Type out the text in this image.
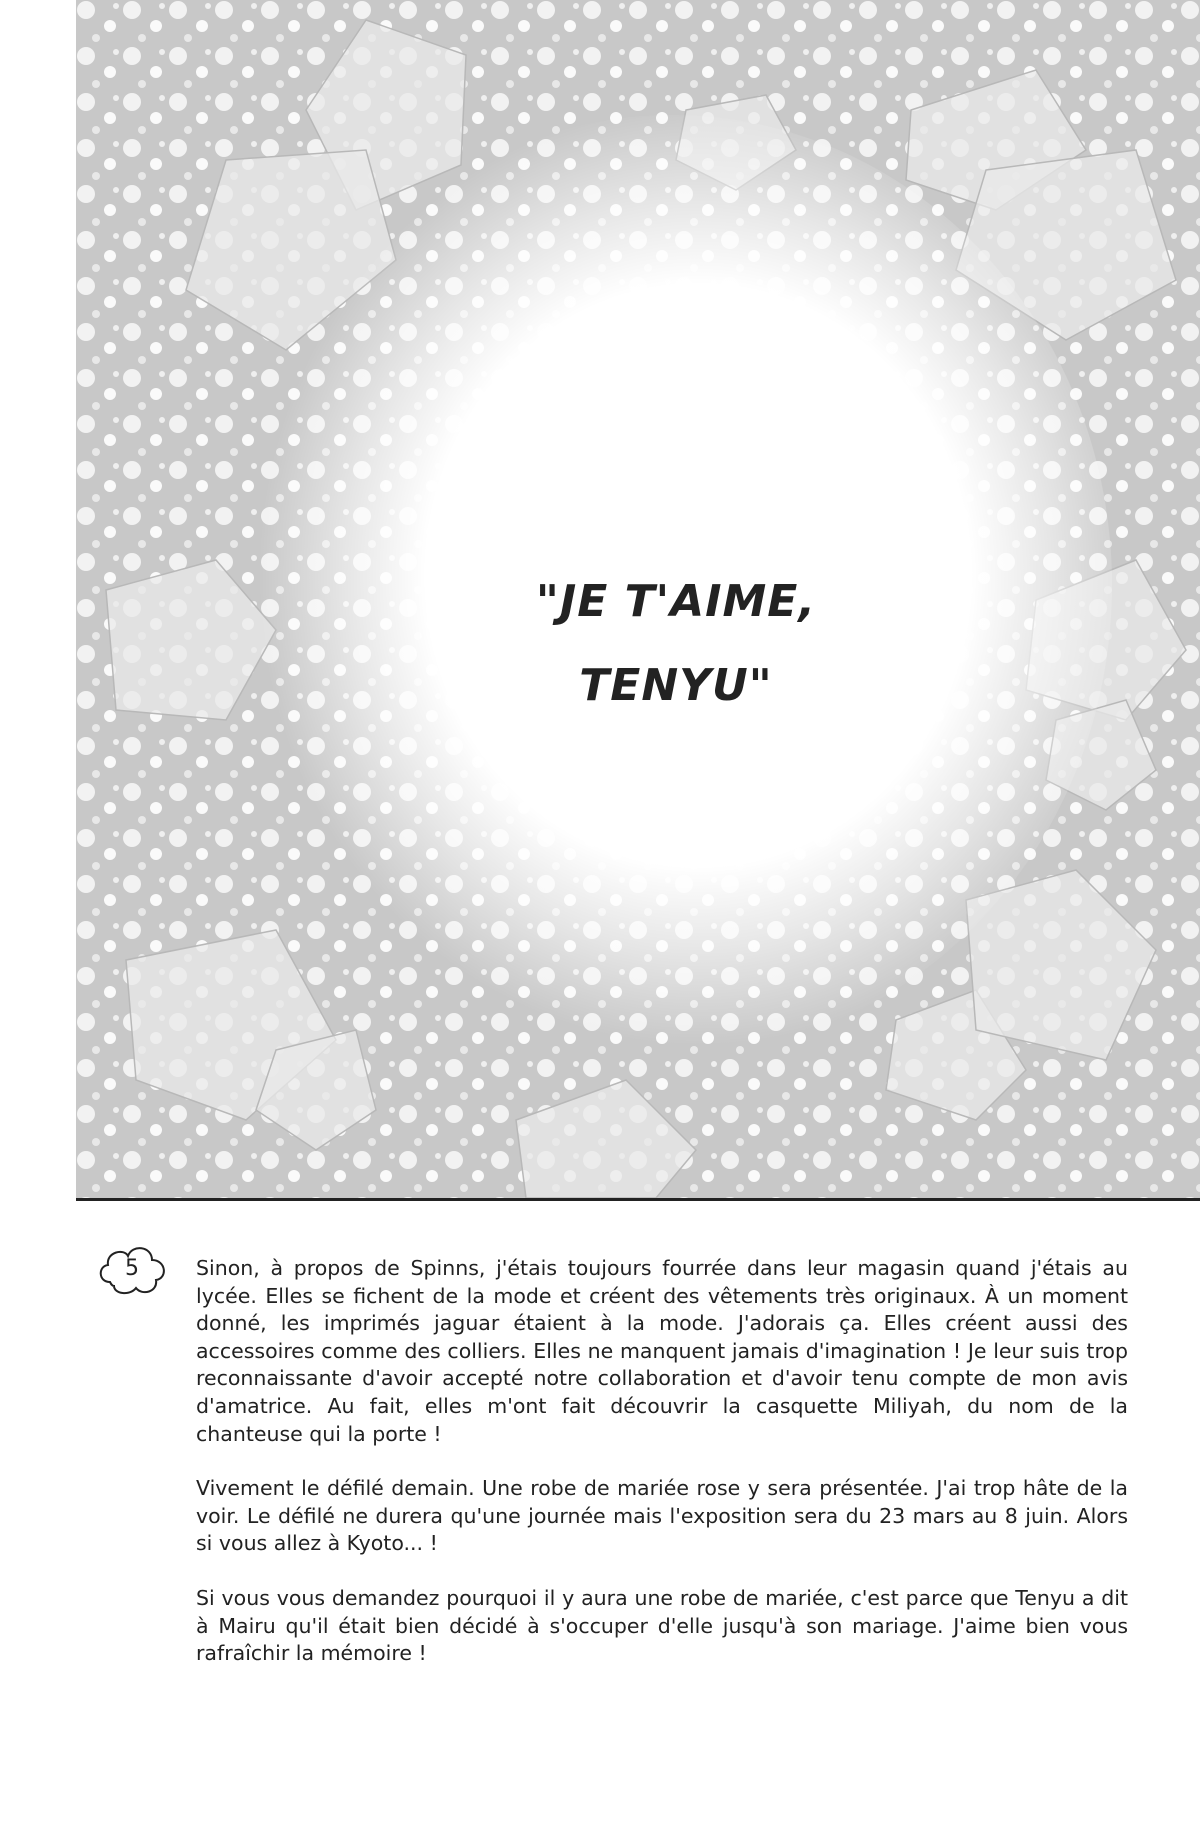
"JE T'AIME,
TENYU"
5	Sinon, à propos de Spinns, j'étais toujours fourrée dans leur magasin quand j'étais au lycée. Elles se fichent de la mode et créent des vêtements très originaux. À un moment donné, les imprimés jaguar étaient à la mode. J'adorais ça. Elles créent aussi des accessoires comme des colliers. Elles ne manquent jamais d'imagination ! Je leur suis trop reconnaissante d'avoir accepté notre collaboration et d'avoir tenu compte de mon avis d'amatrice. Au fait, elles m'ont fait découvrir la casquette Miliyah, du nom de la chanteuse qui la porte !

Vivement le défilé demain. Une robe de mariée rose y sera présentée. J'ai trop hâte de la voir. Le défilé ne durera qu'une journée mais l'exposition sera du 23 mars au 8 juin. Alors si vous allez à Kyoto... !

Si vous vous demandez pourquoi il y aura une robe de mariée, c'est parce que Tenyu a dit à Mairu qu'il était bien décidé à s'occuper d'elle jusqu'à son mariage. J'aime bien vous rafraîchir la mémoire !
